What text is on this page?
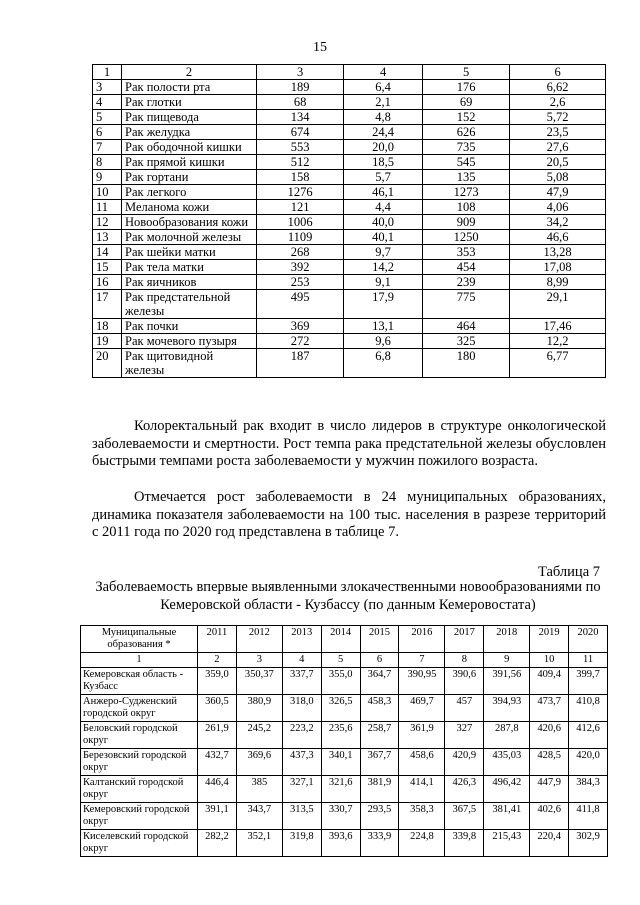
15
1	2	3	4	5	6
3	Рак полости рта	189	6,4	176	6,62
4	Рак глотки	68	2,1	69	2,6
5	Рак пищевода	134	4,8	152	5,72
6	Рак желудка	674	24,4	626	23,5
7	Рак ободочной кишки	553	20,0	735	27,6
8	Рак прямой кишки	512	18,5	545	20,5
9	Рак гортани	158	5,7	135	5,08
10	Рак легкого	1276	46,1	1273	47,9
11	Меланома кожи	121	4,4	108	4,06
12	Новообразования кожи	1006	40,0	909	34,2
13	Рак молочной железы	1109	40,1	1250	46,6
14	Рак шейки матки	268	9,7	353	13,28
15	Рак тела матки	392	14,2	454	17,08
16	Рак яичников	253	9,1	239	8,99
17	Рак предстательной железы	495	17,9	775	29,1
18	Рак почки	369	13,1	464	17,46
19	Рак мочевого пузыря	272	9,6	325	12,2
20	Рак щитовидной железы	187	6,8	180	6,77

Колоректальный рак входит в число лидеров в структуре онкологической заболеваемости и смертности. Рост темпа рака предстательной железы обусловлен быстрыми темпами роста заболеваемости у мужчин пожилого возраста.

Отмечается рост заболеваемости в 24 муниципальных образованиях, динамика показателя заболеваемости на 100 тыс. населения в разрезе территорий с 2011 года по 2020 год представлена в таблице 7.

Таблица 7
Заболеваемость впервые выявленными злокачественными новообразованиями по Кемеровской области - Кузбассу (по данным Кемеровостата)
Муниципальные образования *	2011	2012	2013	2014	2015	2016	2017	2018	2019	2020
1	2	3	4	5	6	7	8	9	10	11
Кемеровская область - Кузбасс	359,0	350,37	337,7	355,0	364,7	390,95	390,6	391,56	409,4	399,7
Анжеро-Судженский городской округ	360,5	380,9	318,0	326,5	458,3	469,7	457	394,93	473,7	410,8
Беловский городской округ	261,9	245,2	223,2	235,6	258,7	361,9	327	287,8	420,6	412,6
Березовский городской округ	432,7	369,6	437,3	340,1	367,7	458,6	420,9	435,03	428,5	420,0
Калтанский городской округ	446,4	385	327,1	321,6	381,9	414,1	426,3	496,42	447,9	384,3
Кемеровский городской округ	391,1	343,7	313,5	330,7	293,5	358,3	367,5	381,41	402,6	411,8
Киселевский городской округ	282,2	352,1	319,8	393,6	333,9	224,8	339,8	215,43	220,4	302,9
